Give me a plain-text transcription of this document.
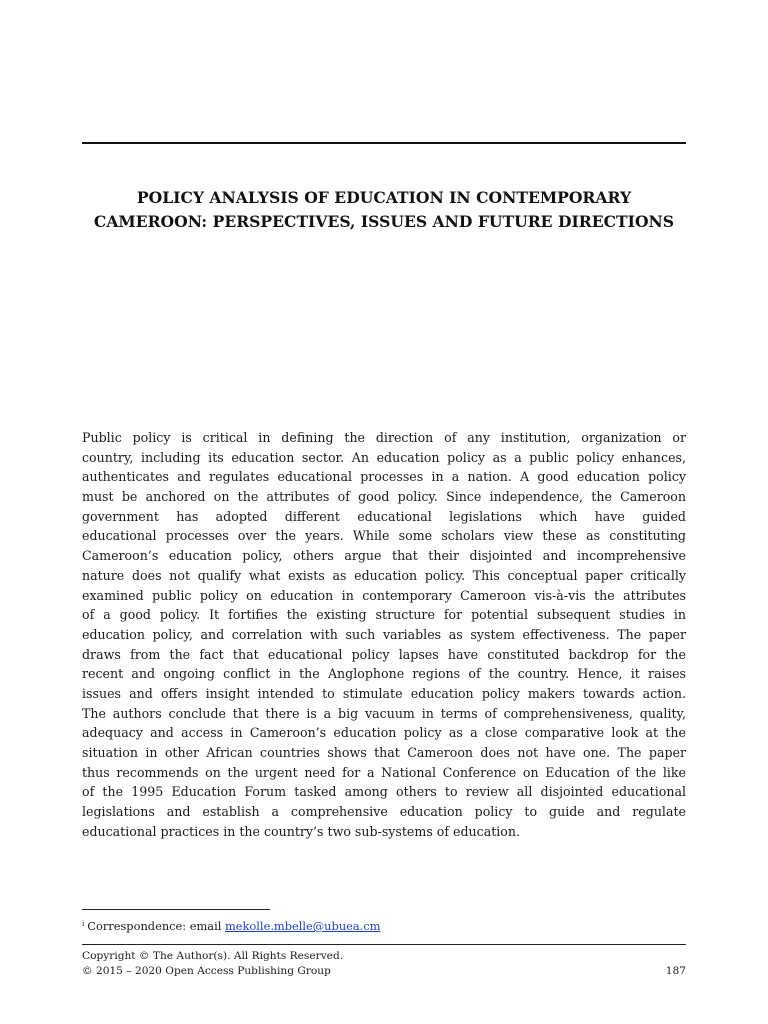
POLICY ANALYSIS OF EDUCATION IN CONTEMPORARY
CAMEROON: PERSPECTIVES, ISSUES AND FUTURE DIRECTIONS
Public policy is critical in defining the direction of any institution, organization or
country, including its education sector. An education policy as a public policy enhances,
authenticates and regulates educational processes in a nation. A good education policy
must be anchored on the attributes of good policy. Since independence, the Cameroon
government has adopted different educational legislations which have guided
educational processes over the years. While some scholars view these as constituting
Cameroon’s education policy, others argue that their disjointed and incomprehensive
nature does not qualify what exists as education policy. This conceptual paper critically
examined public policy on education in contemporary Cameroon vis-à-vis the attributes
of a good policy. It fortifies the existing structure for potential subsequent studies in
education policy, and correlation with such variables as system effectiveness. The paper
draws from the fact that educational policy lapses have constituted backdrop for the
recent and ongoing conflict in the Anglophone regions of the country. Hence, it raises
issues and offers insight intended to stimulate education policy makers towards action.
The authors conclude that there is a big vacuum in terms of comprehensiveness, quality,
adequacy and access in Cameroon’s education policy as a close comparative look at the
situation in other African countries shows that Cameroon does not have one. The paper
thus recommends on the urgent need for a National Conference on Education of the like
of the 1995 Education Forum tasked among others to review all disjointed educational
legislations and establish a comprehensive education policy to guide and regulate
educational practices in the country’s two sub-systems of education.
$^i$ Correspondence: email mekolle.mbelle@ubuea.cm
Copyright © The Author(s). All Rights Reserved.
© 2015 – 2020 Open Access Publishing Group	187
